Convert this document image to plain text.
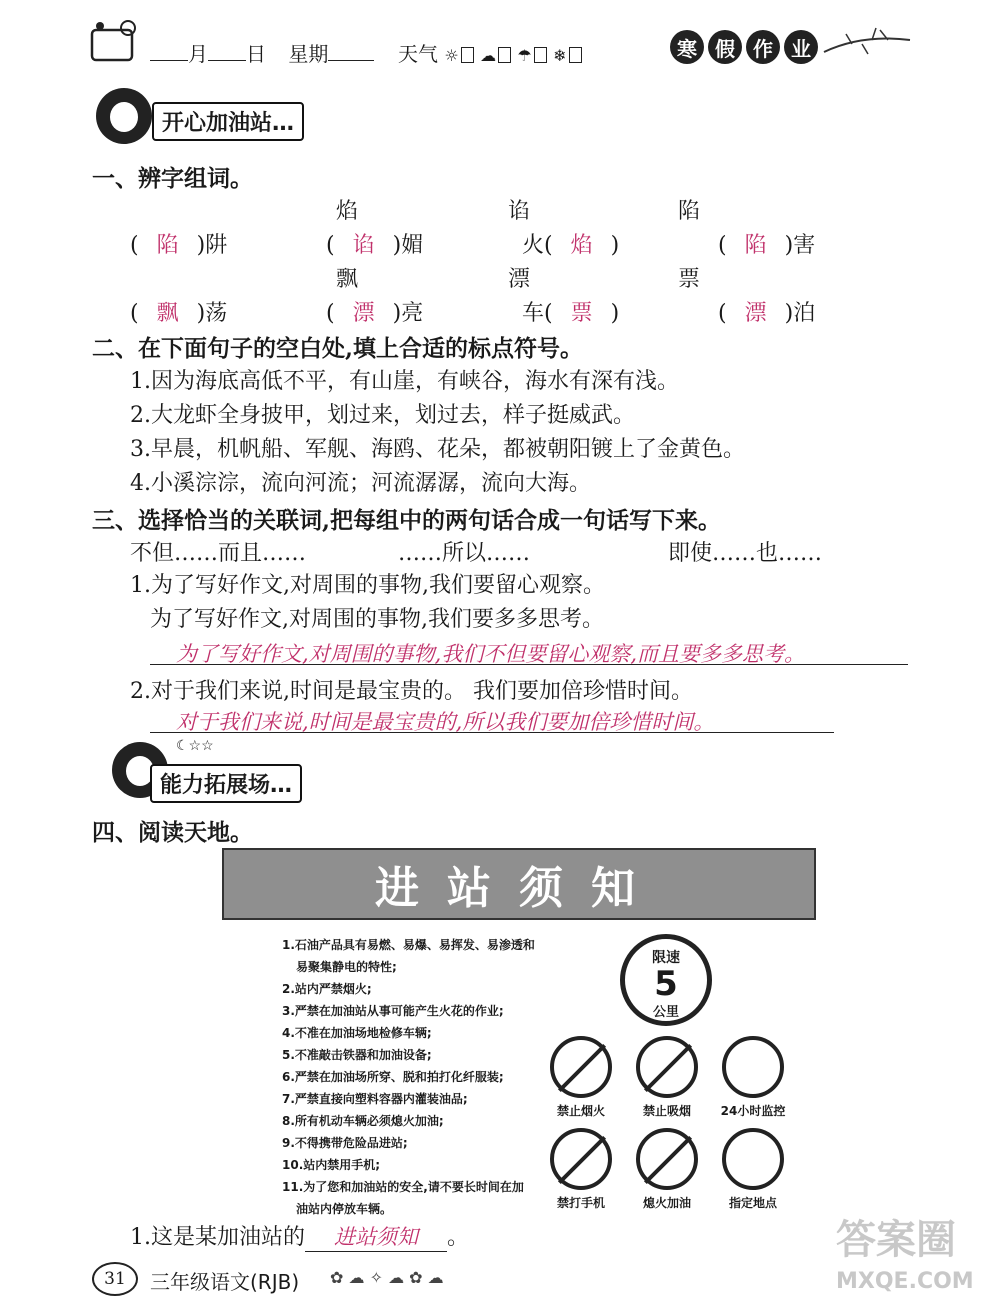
月 日 星期	天气 ☼ ☁ ☂ ❄	寒 假 作 业
开心加油站…
一、辨字组词。
焰	谄	陷
( 陷 )阱	( 谄 )媚	火( 焰 )	( 陷 )害
飘	漂	票
( 飘 )荡	( 漂 )亮	车( 票 )	( 漂 )泊
二、在下面句子的空白处,填上合适的标点符号。
1.因为海底高低不平，有山崖，有峡谷，海水有深有浅。
2.大龙虾全身披甲，划过来，划过去，样子挺威武。
3.早晨，机帆船、军舰、海鸥、花朵，都被朝阳镀上了金黄色。
4.小溪淙淙，流向河流；河流潺潺，流向大海。
三、选择恰当的关联词,把每组中的两句话合成一句话写下来。
不但……而且……	……所以……	即使……也……
1.为了写好作文,对周围的事物,我们要留心观察。
为了写好作文,对周围的事物,我们要多多思考。
为了写好作文,对周围的事物,我们不但要留心观察,而且要多多思考。
2.对于我们来说,时间是最宝贵的。 我们要加倍珍惜时间。
对于我们来说,时间是最宝贵的,所以我们要加倍珍惜时间。
☾☆☆
能力拓展场…
四、阅读天地。
进站须知
1.石油产品具有易燃、易爆、易挥发、易渗透和
易聚集静电的特性;
2.站内严禁烟火;
3.严禁在加油站从事可能产生火花的作业;
4.不准在加油场地检修车辆;
5.不准敲击铁器和加油设备;
6.严禁在加油场所穿、脱和拍打化纤服装;
7.严禁直接向塑料容器内灌装油品;
8.所有机动车辆必须熄火加油;
9.不得携带危险品进站;
10.站内禁用手机;
11.为了您和加油站的安全,请不要长时间在加
油站内停放车辆。
限速
5
公里
禁止烟火	禁止吸烟	24小时监控
禁打手机	熄火加油	指定地点
1.这是某加油站的 进站须知 。
31	三年级语文(RJB) ✿ ☁ ✧ ☁ ✿ ☁
答案圈
MXQE.COM
